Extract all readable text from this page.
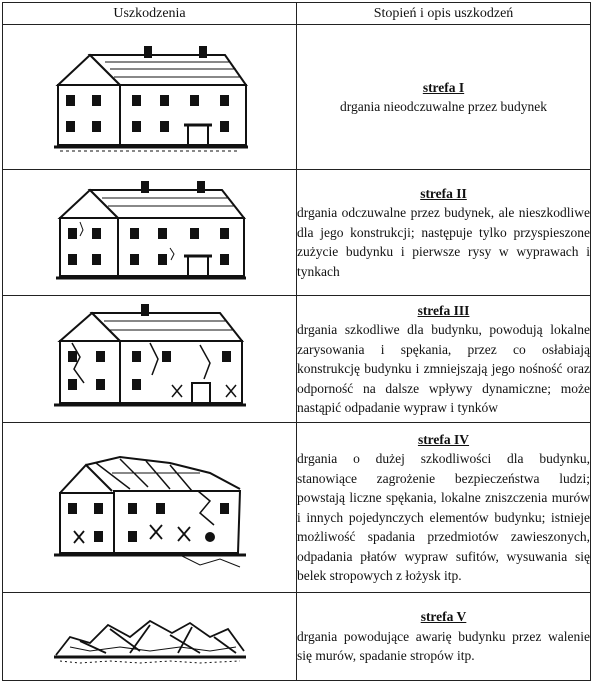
Uszkodzenia	Stopień i opis uszkodzeń

strefa I
drgania nieodczuwalne przez budynek

strefa II
drgania odczuwalne przez budynek, ale nieszkodliwe dla jego konstrukcji; następuje tylko przyspieszone zużycie budynku i pierwsze rysy w wyprawach i tynkach

strefa III
drgania szkodliwe dla budynku, powodują lokalne zarysowania i spękania, przez co osłabiają konstrukcję budynku i zmniejszają jego nośność oraz odporność na dalsze wpływy dynamiczne; może nastąpić odpadanie wypraw i tynków

strefa IV
drgania o dużej szkodliwości dla budynku, stanowiące zagrożenie bezpieczeństwa ludzi; powstają liczne spękania, lokalne zniszczenia murów i innych pojedynczych elementów budynku; istnieje możliwość spadania przedmiotów zawieszonych, odpadania płatów wypraw sufitów, wysuwania się belek stropowych z łożysk itp.

strefa V
drgania powodujące awarię budynku przez walenie się murów, spadanie stropów itp.
